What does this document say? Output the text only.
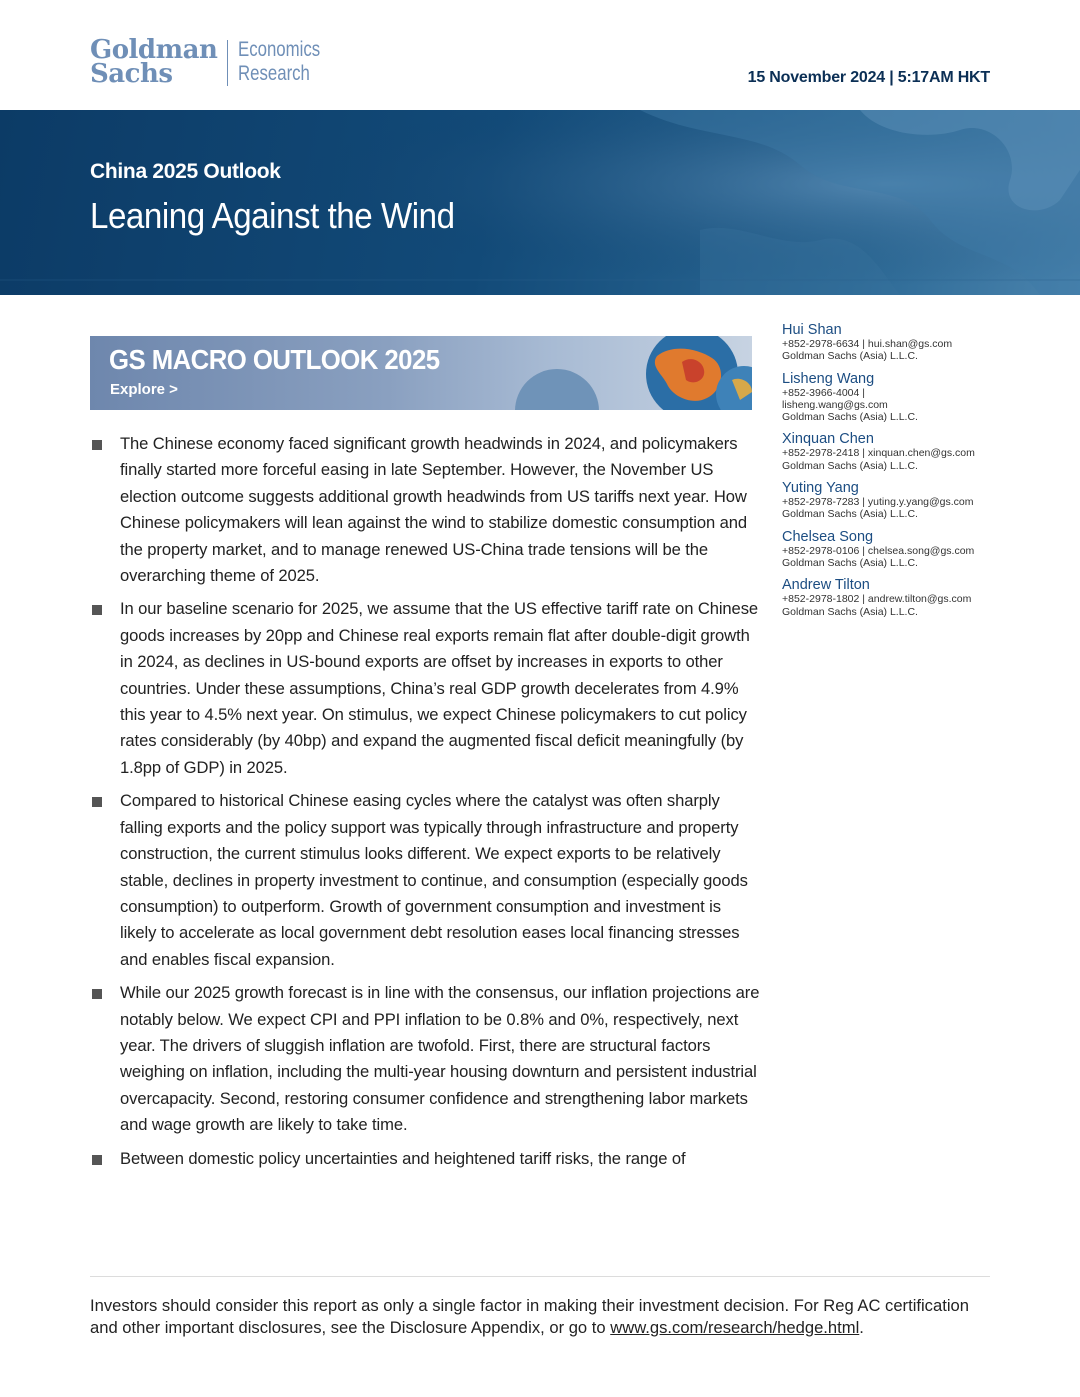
Goldman
Sachs
Economics
Research	15 November 2024 | 5:17AM HKT
China 2025 Outlook
Leaning Against the Wind
GS MACRO OUTLOOK 2025
Explore >
The Chinese economy faced significant growth headwinds in 2024, and policymakers finally started more forceful easing in late September. However, the November US election outcome suggests additional growth headwinds from US tariffs next year. How Chinese policymakers will lean against the wind to stabilize domestic consumption and the property market, and to manage renewed US-China trade tensions will be the overarching theme of 2025.
In our baseline scenario for 2025, we assume that the US effective tariff rate on Chinese goods increases by 20pp and Chinese real exports remain flat after double-digit growth in 2024, as declines in US-bound exports are offset by increases in exports to other countries. Under these assumptions, China’s real GDP growth decelerates from 4.9% this year to 4.5% next year. On stimulus, we expect Chinese policymakers to cut policy rates considerably (by 40bp) and expand the augmented fiscal deficit meaningfully (by 1.8pp of GDP) in 2025.
Compared to historical Chinese easing cycles where the catalyst was often sharply falling exports and the policy support was typically through infrastructure and property construction, the current stimulus looks different. We expect exports to be relatively stable, declines in property investment to continue, and consumption (especially goods consumption) to outperform. Growth of government consumption and investment is likely to accelerate as local government debt resolution eases local financing stresses and enables fiscal expansion.
While our 2025 growth forecast is in line with the consensus, our inflation projections are notably below. We expect CPI and PPI inflation to be 0.8% and 0%, respectively, next year. The drivers of sluggish inflation are twofold. First, there are structural factors weighing on inflation, including the multi-year housing downturn and persistent industrial overcapacity. Second, restoring consumer confidence and strengthening labor markets and wage growth are likely to take time.
Between domestic policy uncertainties and heightened tariff risks, the range of
Hui Shan
+852-2978-6634 | hui.shan@gs.com
Goldman Sachs (Asia) L.L.C.
Lisheng Wang
+852-3966-4004 |
lisheng.wang@gs.com
Goldman Sachs (Asia) L.L.C.
Xinquan Chen
+852-2978-2418 | xinquan.chen@gs.com
Goldman Sachs (Asia) L.L.C.
Yuting Yang
+852-2978-7283 | yuting.y.yang@gs.com
Goldman Sachs (Asia) L.L.C.
Chelsea Song
+852-2978-0106 | chelsea.song@gs.com
Goldman Sachs (Asia) L.L.C.
Andrew Tilton
+852-2978-1802 | andrew.tilton@gs.com
Goldman Sachs (Asia) L.L.C.
Investors should consider this report as only a single factor in making their investment decision. For Reg AC certification and other important disclosures, see the Disclosure Appendix, or go to www.gs.com/research/hedge.html.
